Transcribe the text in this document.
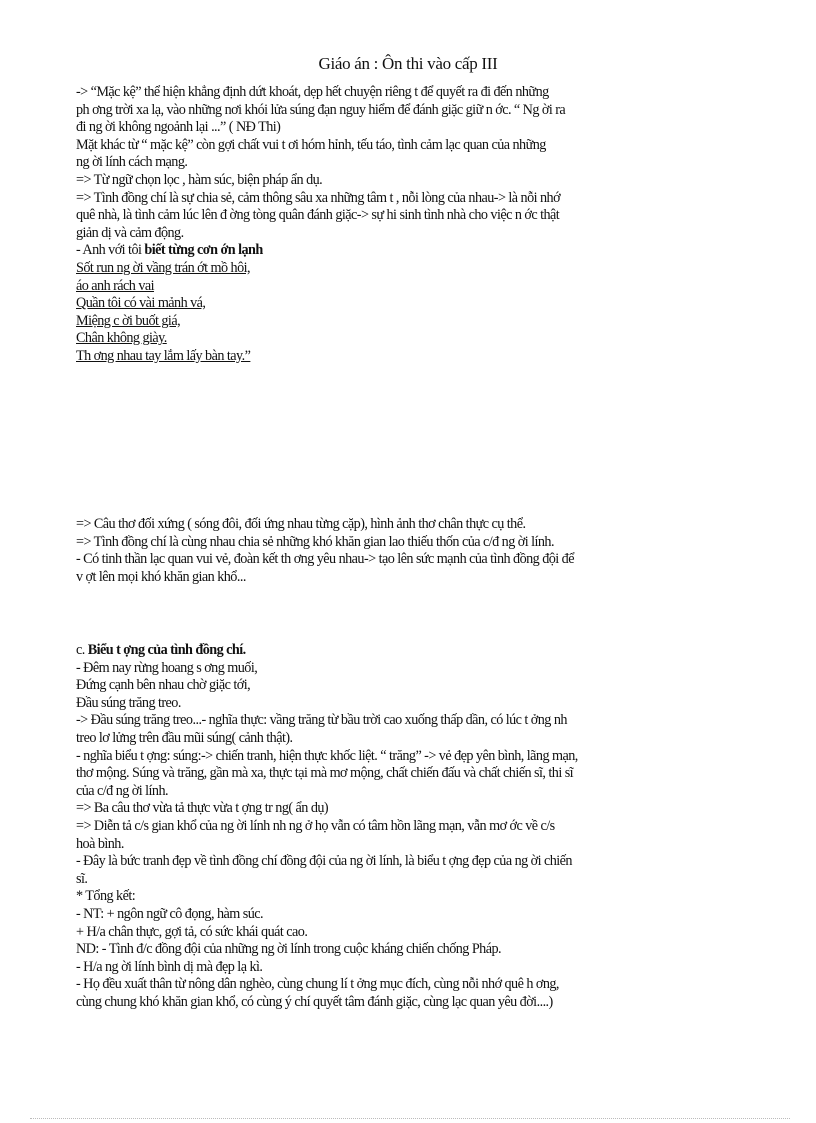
Giáo án : Ôn thi vào cấp III
-> “Mặc kệ” thể hiện khẳng định dứt khoát, dẹp hết chuyện riêng t để quyết ra đi đến những
ph ơng trời xa lạ, vào những nơi khói lửa súng đạn nguy hiểm để đánh giặc giữ n ớc. “ Ng ời ra
đi ng ời không ngoảnh lại ...” ( NĐ Thi)
Mặt khác từ “ mặc kệ” còn gợi chất vui t ơi hóm hỉnh, tếu táo, tình cảm lạc quan của những
ng ời lính cách mạng.
=> Từ ngữ chọn lọc , hàm súc, biện pháp ẩn dụ.
=> Tình đồng chí là sự chia sẻ, cảm thông sâu xa những tâm t , nỗi lòng của nhau-> là nỗi nhớ
quê nhà, là tình cảm lúc lên đ ờng tòng quân đánh giặc-> sự hi sinh tình nhà cho việc n ớc thật
giản dị và cảm động.
- Anh với tôi biết từng cơn ớn lạnh
Sốt run ng ời vầng trán ớt mồ hôi,
áo anh rách vai
Quần tôi có vài mảnh vá,
Miệng c ời buốt giá,
Chân không giày.
Th ơng nhau tay lắm lấy bàn tay.”
=> Câu thơ đối xứng ( sóng đôi, đối ứng nhau từng cặp), hình ảnh thơ chân thực cụ thể.
=> Tình đồng chí là cùng nhau chia sẻ những khó khăn gian lao thiếu thốn của c/đ ng ời lính.
- Có tinh thần lạc quan vui vẻ, đoàn kết th ơng yêu nhau-> tạo lên sức mạnh của tình đồng đội để
v ợt lên mọi khó khăn gian khổ...
c. Biểu t ợng của tình đồng chí.
- Đêm nay rừng hoang s ơng muối,
Đứng cạnh bên nhau chờ giặc tới,
Đầu súng trăng treo.
-> Đầu súng trăng treo...- nghĩa thực: vầng trăng từ bầu trời cao xuống thấp dần, có lúc t ởng nh
treo lơ lửng trên đầu mũi súng( cảnh thật).
- nghĩa biểu t ợng: súng:-> chiến tranh, hiện thực khốc liệt. “ trăng” -> vẻ đẹp yên bình, lãng mạn,
thơ mộng. Súng và trăng, gần mà xa, thực tại mà mơ mộng, chất chiến đấu và chất chiến sĩ, thi sĩ
của c/đ ng ời lính.
=> Ba câu thơ vừa tả thực vừa t ợng tr ng( ẩn dụ)
=> Diễn tả c/s gian khổ của ng ời lính nh ng ở họ vẫn có tâm hồn lãng mạn, vẫn mơ ớc về c/s
hoà bình.
- Đây là bức tranh đẹp về tình đồng chí đồng đội của ng ời lính, là biểu t ợng đẹp của ng ời chiến
sĩ.
* Tổng kết:
- NT: + ngôn ngữ cô đọng, hàm súc.
+ H/a chân thực, gợi tả, có sức khái quát cao.
ND: - Tình đ/c đồng đội của những ng ời lính trong cuộc kháng chiến chống Pháp.
- H/a ng ời lính bình dị mà đẹp lạ kì.
- Họ đều xuất thân từ nông dân nghèo, cùng chung lí t ởng mục đích, cùng nỗi nhớ quê h ơng,
cùng chung khó khăn gian khổ, có cùng ý chí quyết tâm đánh giặc, cùng lạc quan yêu đời....)
